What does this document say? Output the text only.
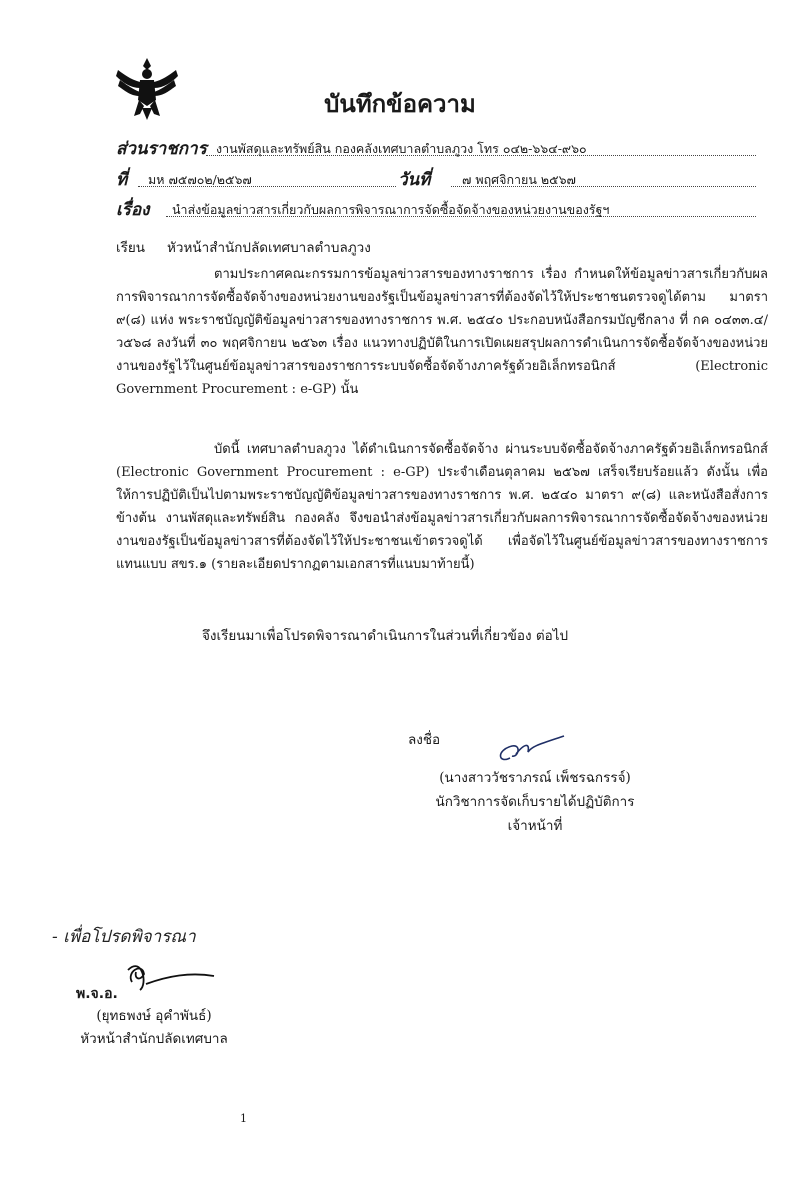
บันทึกข้อความ
ส่วนราชการ งานพัสดุและทรัพย์สิน กองคลังเทศบาลตำบลภูวง โทร ๐๔๒-๖๖๔-๙๖๐
ที่ มห ๗๕๗๐๒/๒๕๖๗	วันที่	๗ พฤศจิกายน ๒๕๖๗
เรื่อง นำส่งข้อมูลข่าวสารเกี่ยวกับผลการพิจารณาการจัดซื้อจัดจ้างของหน่วยงานของรัฐฯ
เรียน หัวหน้าสำนักปลัดเทศบาลตำบลภูวง

ตามประกาศคณะกรรมการข้อมูลข่าวสารของทางราชการ เรื่อง กำหนดให้ข้อมูลข่าวสารเกี่ยวกับผลการพิจารณาการจัดซื้อจัดจ้างของหน่วยงานของรัฐเป็นข้อมูลข่าวสารที่ต้องจัดไว้ให้ประชาชนตรวจดูได้ตาม มาตรา ๙(๘) แห่ง พระราชบัญญัติข้อมูลข่าวสารของทางราชการ พ.ศ. ๒๕๔๐ ประกอบหนังสือกรมบัญชีกลาง ที่ กค ๐๔๓๓.๔/ว๕๖๘ ลงวันที่ ๓๐ พฤศจิกายน ๒๕๖๓ เรื่อง แนวทางปฏิบัติในการเปิดเผยสรุปผลการดำเนินการจัดซื้อจัดจ้างของหน่วยงานของรัฐไว้ในศูนย์ข้อมูลข่าวสารของราชการระบบจัดซื้อจัดจ้างภาครัฐด้วยอิเล็กทรอนิกส์ (Electronic Government Procurement : e-GP) นั้น

บัดนี้ เทศบาลตำบลภูวง ได้ดำเนินการจัดซื้อจัดจ้าง ผ่านระบบจัดซื้อจัดจ้างภาครัฐด้วยอิเล็กทรอนิกส์ (Electronic Government Procurement : e-GP) ประจำเดือนตุลาคม ๒๕๖๗ เสร็จเรียบร้อยแล้ว ดังนั้น เพื่อให้การปฏิบัติเป็นไปตามพระราชบัญญัติข้อมูลข่าวสารของทางราชการ พ.ศ. ๒๕๔๐ มาตรา ๙(๘) และหนังสือสั่งการข้างต้น งานพัสดุและทรัพย์สิน กองคลัง จึงขอนำส่งข้อมูลข่าวสารเกี่ยวกับผลการพิจารณาการจัดซื้อจัดจ้างของหน่วยงานของรัฐเป็นข้อมูลข่าวสารที่ต้องจัดไว้ให้ประชาชนเข้าตรวจดูได้ เพื่อจัดไว้ในศูนย์ข้อมูลข่าวสารของทางราชการแทนแบบ สขร.๑ (รายละเอียดปรากฏตามเอกสารที่แนบมาท้ายนี้)

จึงเรียนมาเพื่อโปรดพิจารณาดำเนินการในส่วนที่เกี่ยวข้อง ต่อไป
ลงชื่อ
(นางสาววัชราภรณ์ เพ็ชรฉกรรจ์)
นักวิชาการจัดเก็บรายได้ปฏิบัติการ
เจ้าหน้าที่
- เพื่อโปรดพิจารณา
พ.จ.อ.
(ยุทธพงษ์ อุคำพันธ์)
หัวหน้าสำนักปลัดเทศบาล
1
